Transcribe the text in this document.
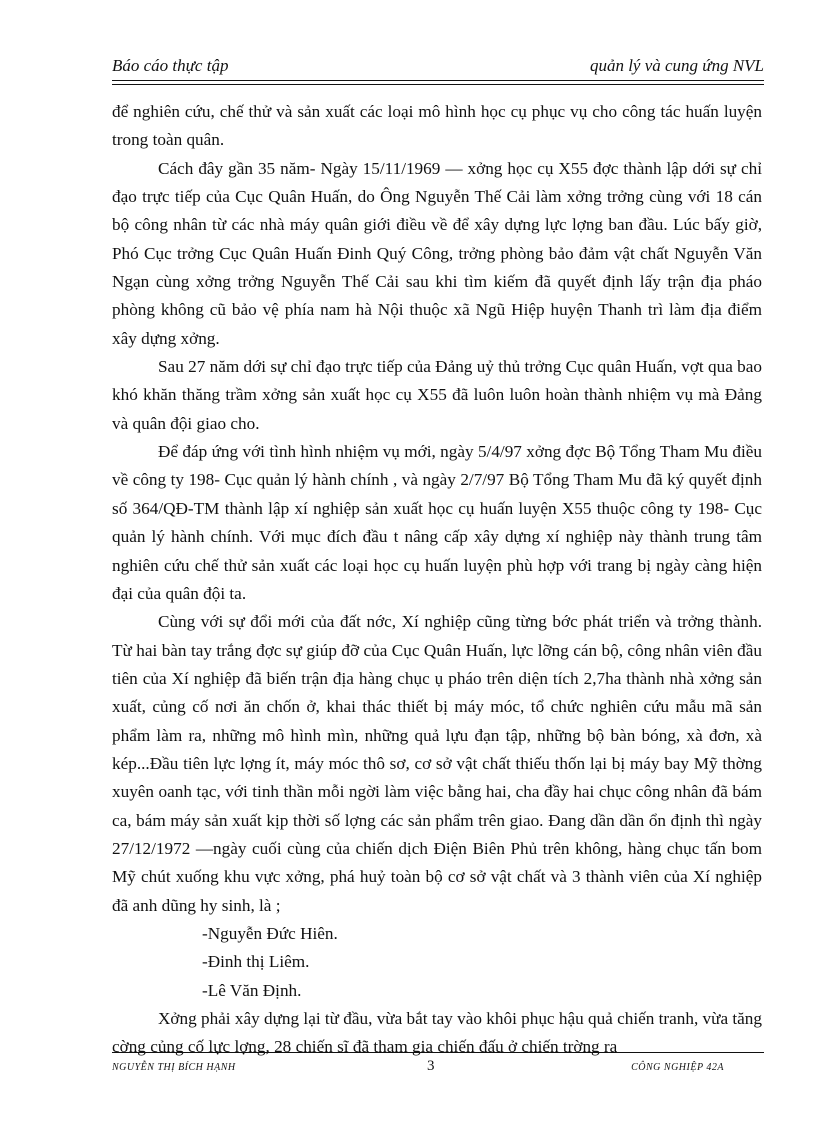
Báo cáo thực tập	quản lý và cung ứng NVL

để nghiên cứu, chế thử và sản xuất các loại mô hình học cụ phục vụ cho công tác huấn luyện trong toàn quân.

Cách đây gần 35 năm- Ngày 15/11/1969 — xởng học cụ X55 đợc thành lập dới sự chỉ đạo trực tiếp của Cục Quân Huấn, do Ông Nguyễn Thế Cải làm xởng trởng cùng với 18 cán bộ công nhân từ các nhà máy quân giới điều về để xây dựng lực lợng ban đầu. Lúc bấy giờ, Phó Cục trởng Cục Quân Huấn Đinh Quý Công, trởng phòng bảo đảm vật chất Nguyễn Văn Ngạn cùng xởng trởng Nguyễn Thế Cải sau khi tìm kiếm đã quyết định lấy trận địa pháo phòng không cũ bảo vệ phía nam hà Nội thuộc xã Ngũ Hiệp huyện Thanh trì làm địa điểm xây dựng xởng.

Sau 27 năm dới sự chỉ đạo trực tiếp của Đảng uỷ thủ trởng Cục quân Huấn, vợt qua bao khó khăn thăng trầm xởng sản xuất học cụ X55 đã luôn luôn hoàn thành nhiệm vụ mà Đảng và quân đội giao cho.

Để đáp ứng với tình hình nhiệm vụ mới, ngày 5/4/97 xởng đợc Bộ Tổng Tham Mu điều về công ty 198- Cục quản lý hành chính , và ngày 2/7/97 Bộ Tổng Tham Mu đã ký quyết định số 364/QĐ-TM thành lập xí nghiệp sản xuất học cụ huấn luyện X55 thuộc công ty 198- Cục quản lý hành chính. Với mục đích đầu t nâng cấp xây dựng xí nghiệp này thành trung tâm nghiên cứu chế thử sản xuất các loại học cụ huấn luyện phù hợp với trang bị ngày càng hiện đại của quân đội ta.

Cùng với sự đổi mới của đất nớc, Xí nghiệp cũng từng bớc phát triển và trởng thành. Từ hai bàn tay trắng đợc sự giúp đỡ của Cục Quân Huấn, lực lỡng cán bộ, công nhân viên đầu tiên của Xí nghiệp đã biến trận địa hàng chục ụ pháo trên diện tích 2,7ha thành nhà xởng sản xuất, củng cố nơi ăn chốn ở, khai thác thiết bị máy móc, tổ chức nghiên cứu mẫu mã sản phẩm làm ra, những mô hình mìn, những quả lựu đạn tập, những bộ bàn bóng, xà đơn, xà kép...Đầu tiên lực lợng ít, máy móc thô sơ, cơ sở vật chất thiếu thốn lại bị máy bay Mỹ thờng xuyên oanh tạc, với tinh thần mỗi ngời làm việc bằng hai, cha đầy hai chục công nhân đã bám ca, bám máy sản xuất kịp thời số lợng các sản phẩm trên giao. Đang dần dần ổn định thì ngày 27/12/1972 —ngày cuối cùng của chiến dịch Điện Biên Phủ trên không, hàng chục tấn bom Mỹ chút xuống khu vực xởng, phá huỷ toàn bộ cơ sở vật chất và 3 thành viên của Xí nghiệp đã anh dũng hy sinh, là ;

-Nguyễn Đức Hiên.
-Đinh thị Liêm.
-Lê Văn Định.

Xởng phải xây dựng lại từ đầu, vừa bắt tay vào khôi phục hậu quả chiến tranh, vừa tăng cờng củng cố lực lợng, 28 chiến sĩ đã tham gia chiến đấu ở chiến trờng ra

NGUYỄN THỊ BÍCH HẠNH	3	CÔNG NGHIỆP 42A
